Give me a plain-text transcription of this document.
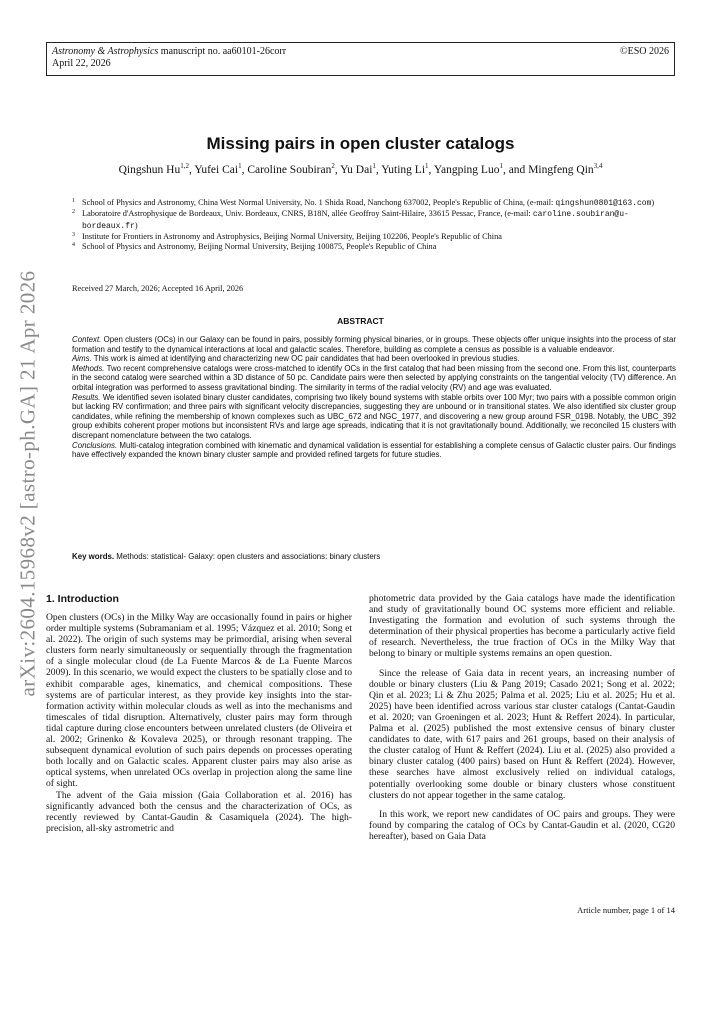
arXiv:2604.15968v2 [astro-ph.GA] 21 Apr 2026
Astronomy & Astrophysics manuscript no. aa60101-26corr
April 22, 2026
©ESO 2026
Missing pairs in open cluster catalogs
Qingshun Hu$^{1,2}$, Yufei Cai$^1$, Caroline Soubiran$^2$, Yu Dai$^1$, Yuting Li$^1$, Yangping Luo$^1$, and Mingfeng Qin$^{3,4}$
1 School of Physics and Astronomy, China West Normal University, No. 1 Shida Road, Nanchong 637002, People's Republic of China, (e-mail: qingshun0801@163.com)
2 Laboratoire d'Astrophysique de Bordeaux, Univ. Bordeaux, CNRS, B18N, allée Geoffroy Saint-Hilaire, 33615 Pessac, France, (e-mail: caroline.soubiran@u-bordeaux.fr)
3 Institute for Frontiers in Astronomy and Astrophysics, Beijing Normal University, Beijing 102206, People's Republic of China
4 School of Physics and Astronomy, Beijing Normal University, Beijing 100875, People's Republic of China
Received 27 March, 2026; Accepted 16 April, 2026
ABSTRACT

Context. Open clusters (OCs) in our Galaxy can be found in pairs, possibly forming physical binaries, or in groups. These objects offer unique insights into the process of star formation and testify to the dynamical interactions at local and galactic scales. Therefore, building as complete a census as possible is a valuable endeavor.

Aims. This work is aimed at identifying and characterizing new OC pair candidates that had been overlooked in previous studies.

Methods. Two recent comprehensive catalogs were cross-matched to identify OCs in the first catalog that had been missing from the second one. From this list, counterparts in the second catalog were searched within a 3D distance of 50 pc. Candidate pairs were then selected by applying constraints on the tangential velocity (TV) difference. An orbital integration was performed to assess gravitational binding. The similarity in terms of the radial velocity (RV) and age was evaluated.

Results. We identified seven isolated binary cluster candidates, comprising two likely bound systems with stable orbits over 100 Myr; two pairs with a possible common origin but lacking RV confirmation; and three pairs with significant velocity discrepancies, suggesting they are unbound or in transitional states. We also identified six cluster group candidates, while refining the membership of known complexes such as UBC_672 and NGC_1977, and discovering a new group around FSR_0198. Notably, the UBC_392 group exhibits coherent proper motions but inconsistent RVs and large age spreads, indicating that it is not gravitationally bound. Additionally, we reconciled 15 clusters with discrepant nomenclature between the two catalogs.

Conclusions. Multi-catalog integration combined with kinematic and dynamical validation is essential for establishing a complete census of Galactic cluster pairs. Our findings have effectively expanded the known binary cluster sample and provided refined targets for future studies.

Key words. Methods: statistical- Galaxy: open clusters and associations: binary clusters
1. Introduction

Open clusters (OCs) in the Milky Way are occasionally found in pairs or higher order multiple systems (Subramaniam et al. 1995; Vázquez et al. 2010; Song et al. 2022). The origin of such systems may be primordial, arising when several clusters form nearly simultaneously or sequentially through the fragmentation of a single molecular cloud (de La Fuente Marcos & de La Fuente Marcos 2009). In this scenario, we would expect the clusters to be spatially close and to exhibit comparable ages, kinematics, and chemical compositions. These systems are of particular interest, as they provide key insights into the star-formation activity within molecular clouds as well as into the mechanisms and timescales of tidal disruption. Alternatively, cluster pairs may form through tidal capture during close encounters between unrelated clusters (de Oliveira et al. 2002; Grinenko & Kovaleva 2025), or through resonant trapping. The subsequent dynamical evolution of such pairs depends on processes operating both locally and on Galactic scales. Apparent cluster pairs may also arise as optical systems, when unrelated OCs overlap in projection along the same line of sight.

The advent of the Gaia mission (Gaia Collaboration et al. 2016) has significantly advanced both the census and the characterization of OCs, as recently reviewed by Cantat-Gaudin & Casamiquela (2024). The high-precision, all-sky astrometric and

photometric data provided by the Gaia catalogs have made the identification and study of gravitationally bound OC systems more efficient and reliable. Investigating the formation and evolution of such systems through the determination of their physical properties has become a particularly active field of research. Nevertheless, the true fraction of OCs in the Milky Way that belong to binary or multiple systems remains an open question.

Since the release of Gaia data in recent years, an increasing number of double or binary clusters (Liu & Pang 2019; Casado 2021; Song et al. 2022; Qin et al. 2023; Li & Zhu 2025; Palma et al. 2025; Liu et al. 2025; Hu et al. 2025) have been identified across various star cluster catalogs (Cantat-Gaudin et al. 2020; van Groeningen et al. 2023; Hunt & Reffert 2024). In particular, Palma et al. (2025) published the most extensive census of binary cluster candidates to date, with 617 pairs and 261 groups, based on their analysis of the cluster catalog of Hunt & Reffert (2024). Liu et al. (2025) also provided a binary cluster catalog (400 pairs) based on Hunt & Reffert (2024). However, these searches have almost exclusively relied on individual catalogs, potentially overlooking some double or binary clusters whose constituent clusters do not appear together in the same catalog.

In this work, we report new candidates of OC pairs and groups. They were found by comparing the catalog of OCs by Cantat-Gaudin et al. (2020, CG20 hereafter), based on Gaia Data

Article number, page 1 of 14
